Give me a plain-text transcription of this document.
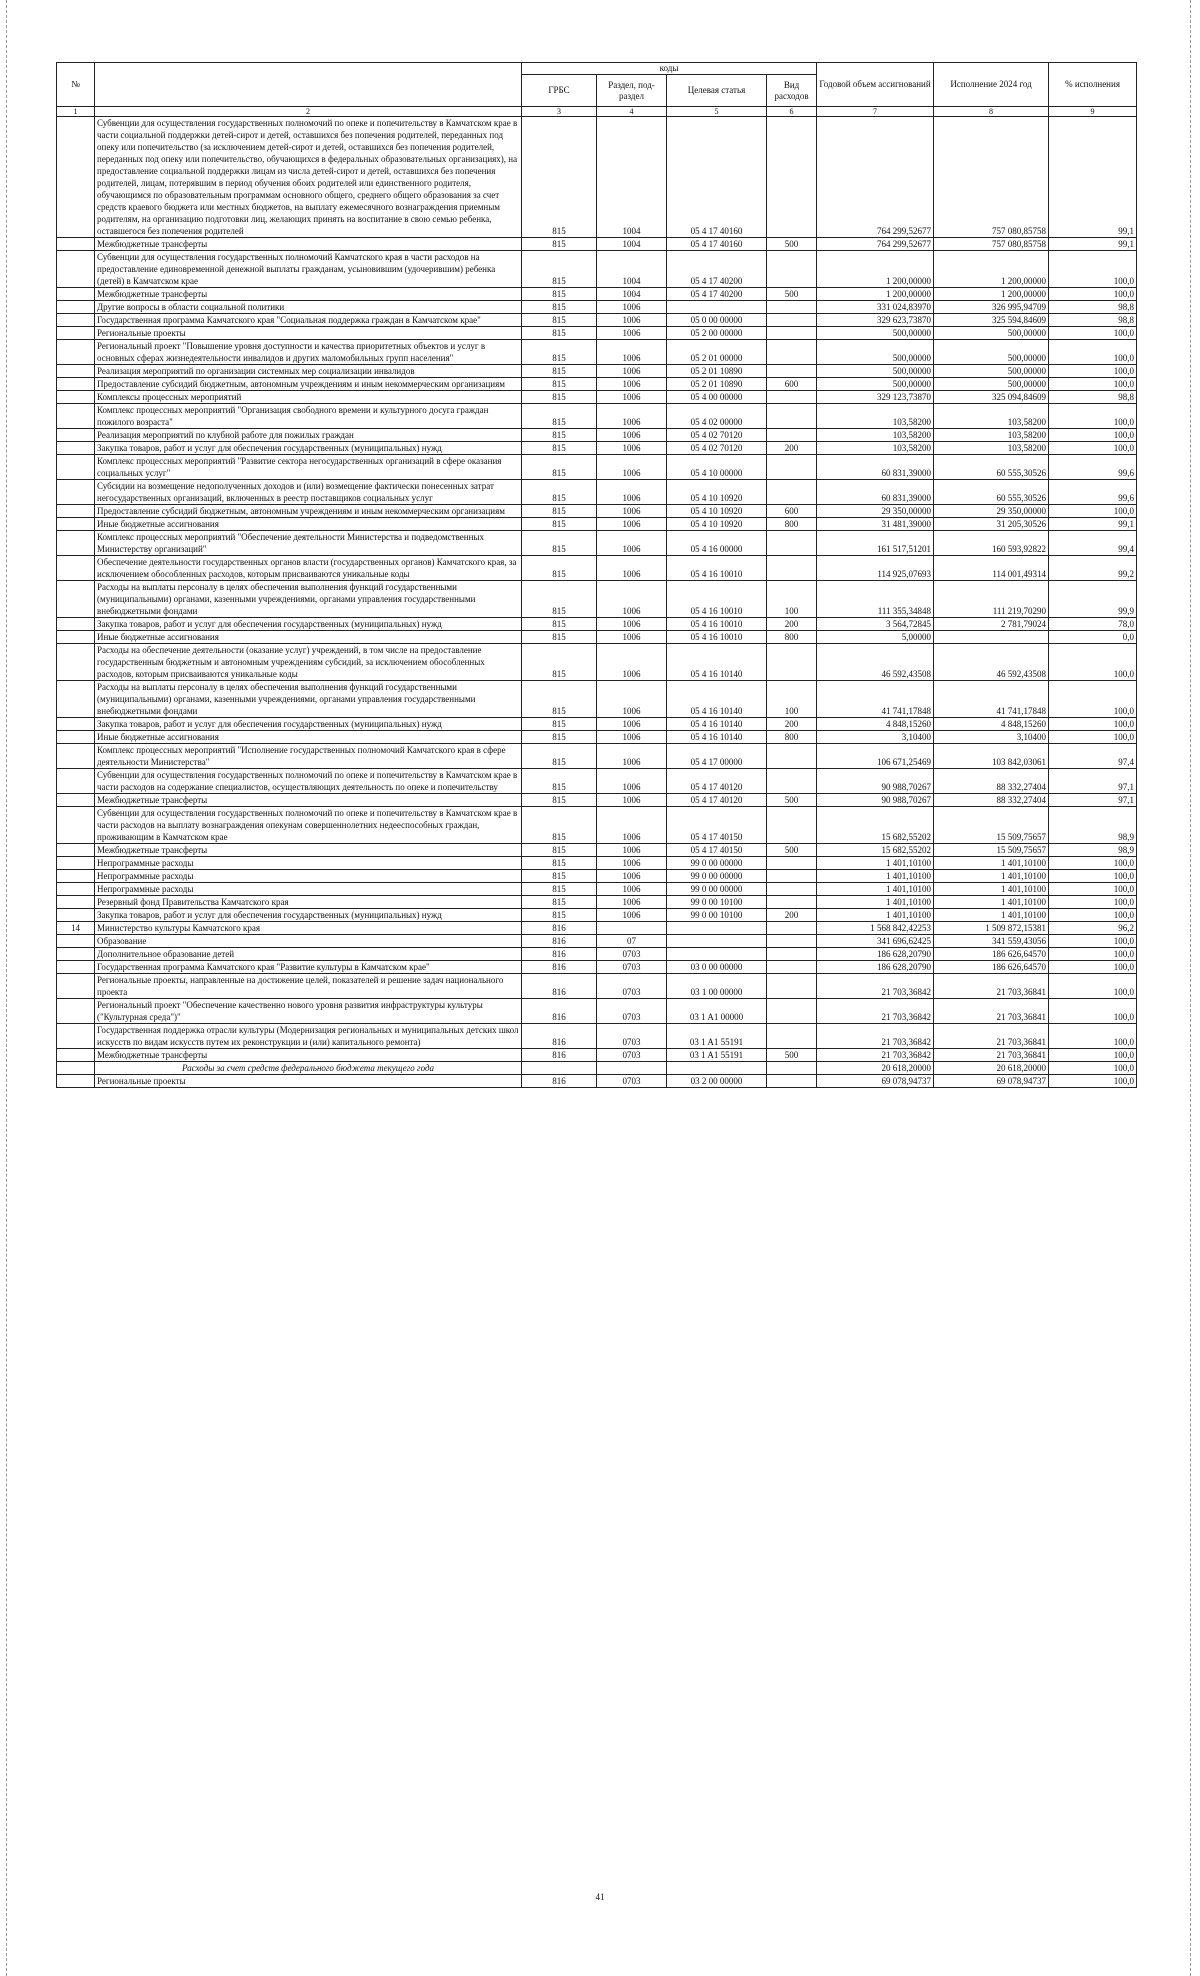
№		коды				Годовой объем ассигнований	Исполнение 2024 год	% исполнения
		ГРБС	Раздел, под-раздел	Целевая статья	Вид расходов			
1	2	3	4	5	6	7	8	9
	Субвенции для осуществления государственных полномочий по опеке и попечительству в Камчатском крае в части социальной поддержки детей-сирот и детей, оставшихся без попечения родителей, переданных под опеку или попечительство (за исключением детей-сирот и детей, оставшихся без попечения родителей, переданных под опеку или попечительство, обучающихся в федеральных образовательных организациях), на предоставление социальной поддержки лицам из числа детей-сирот и детей, оставшихся без попечения родителей, лицам, потерявшим в период обучения обоих родителей или единственного родителя, обучающимся по образовательным программам основного общего, среднего общего образования за счет средств краевого бюджета или местных бюджетов, на выплату ежемесячного вознаграждения приемным родителям, на организацию подготовки лиц, желающих принять на воспитание в свою семью ребенка, оставшегося без попечения родителей	815	1004	05 4 17 40160		764 299,52677	757 080,85758	99,1
	Межбюджетные трансферты	815	1004	05 4 17 40160	500	764 299,52677	757 080,85758	99,1
	Субвенции для осуществления государственных полномочий Камчатского края в части расходов на предоставление единовременной денежной выплаты гражданам, усыновившим (удочерившим) ребенка (детей) в Камчатском крае	815	1004	05 4 17 40200		1 200,00000	1 200,00000	100,0
	Межбюджетные трансферты	815	1004	05 4 17 40200	500	1 200,00000	1 200,00000	100,0
	Другие вопросы в области социальной политики	815	1006			331 024,83970	326 995,94709	98,8
	Государственная программа Камчатского края "Социальная поддержка граждан в Камчатском крае"	815	1006	05 0 00 00000		329 623,73870	325 594,84609	98,8
	Региональные проекты	815	1006	05 2 00 00000		500,00000	500,00000	100,0
	Региональный проект "Повышение уровня доступности и качества приоритетных объектов и услуг в основных сферах жизнедеятельности инвалидов и других маломобильных групп населения"	815	1006	05 2 01 00000		500,00000	500,00000	100,0
	Реализация мероприятий по организации системных мер социализации инвалидов	815	1006	05 2 01 10890		500,00000	500,00000	100,0
	Предоставление субсидий бюджетным, автономным учреждениям и иным некоммерческим организациям	815	1006	05 2 01 10890	600	500,00000	500,00000	100,0
	Комплексы процессных мероприятий	815	1006	05 4 00 00000		329 123,73870	325 094,84609	98,8
	Комплекс процессных мероприятий "Организация свободного времени и культурного досуга граждан пожилого возраста"	815	1006	05 4 02 00000		103,58200	103,58200	100,0
	Реализация мероприятий по клубной работе для пожилых граждан	815	1006	05 4 02 70120		103,58200	103,58200	100,0
	Закупка товаров, работ и услуг для обеспечения государственных (муниципальных) нужд	815	1006	05 4 02 70120	200	103,58200	103,58200	100,0
	Комплекс процессных мероприятий "Развитие сектора негосударственных организаций в сфере оказания социальных услуг"	815	1006	05 4 10 00000		60 831,39000	60 555,30526	99,6
	Субсидии на возмещение недополученных доходов и (или) возмещение фактически понесенных затрат негосударственных организаций, включенных в реестр поставщиков социальных услуг	815	1006	05 4 10 10920		60 831,39000	60 555,30526	99,6
	Предоставление субсидий бюджетным, автономным учреждениям и иным некоммерческим организациям	815	1006	05 4 10 10920	600	29 350,00000	29 350,00000	100,0
	Иные бюджетные ассигнования	815	1006	05 4 10 10920	800	31 481,39000	31 205,30526	99,1
	Комплекс процессных мероприятий "Обеспечение деятельности Министерства и подведомственных Министерству организаций"	815	1006	05 4 16 00000		161 517,51201	160 593,92822	99,4
	Обеспечение деятельности государственных органов власти (государственных органов) Камчатского края, за исключением обособленных расходов, которым присваиваются уникальные коды	815	1006	05 4 16 10010		114 925,07693	114 001,49314	99,2
	Расходы на выплаты персоналу в целях обеспечения выполнения функций государственными (муниципальными) органами, казенными учреждениями, органами управления государственными внебюджетными фондами	815	1006	05 4 16 10010	100	111 355,34848	111 219,70290	99,9
	Закупка товаров, работ и услуг для обеспечения государственных (муниципальных) нужд	815	1006	05 4 16 10010	200	3 564,72845	2 781,79024	78,0
	Иные бюджетные ассигнования	815	1006	05 4 16 10010	800	5,00000		0,0
	Расходы на обеспечение деятельности (оказание услуг) учреждений, в том числе на предоставление государственным бюджетным и автономным учреждениям субсидий, за исключением обособленных расходов, которым присваиваются уникальные коды	815	1006	05 4 16 10140		46 592,43508	46 592,43508	100,0
	Расходы на выплаты персоналу в целях обеспечения выполнения функций государственными (муниципальными) органами, казенными учреждениями, органами управления государственными внебюджетными фондами	815	1006	05 4 16 10140	100	41 741,17848	41 741,17848	100,0
	Закупка товаров, работ и услуг для обеспечения государственных (муниципальных) нужд	815	1006	05 4 16 10140	200	4 848,15260	4 848,15260	100,0
	Иные бюджетные ассигнования	815	1006	05 4 16 10140	800	3,10400	3,10400	100,0
	Комплекс процессных мероприятий "Исполнение государственных полномочий Камчатского края в сфере деятельности Министерства"	815	1006	05 4 17 00000		106 671,25469	103 842,03061	97,4
	Субвенции для осуществления государственных полномочий по опеке и попечительству в Камчатском крае в части расходов на содержание специалистов, осуществляющих деятельность по опеке и попечительству	815	1006	05 4 17 40120		90 988,70267	88 332,27404	97,1
	Межбюджетные трансферты	815	1006	05 4 17 40120	500	90 988,70267	88 332,27404	97,1
	Субвенции для осуществления государственных полномочий по опеке и попечительству в Камчатском крае в части расходов на выплату вознаграждения опекунам совершеннолетних недееспособных граждан, проживающим в Камчатском крае	815	1006	05 4 17 40150		15 682,55202	15 509,75657	98,9
	Межбюджетные трансферты	815	1006	05 4 17 40150	500	15 682,55202	15 509,75657	98,9
	Непрограммные расходы	815	1006	99 0 00 00000		1 401,10100	1 401,10100	100,0
	Непрограммные расходы	815	1006	99 0 00 00000		1 401,10100	1 401,10100	100,0
	Непрограммные расходы	815	1006	99 0 00 00000		1 401,10100	1 401,10100	100,0
	Резервный фонд Правительства Камчатского края	815	1006	99 0 00 10100		1 401,10100	1 401,10100	100,0
	Закупка товаров, работ и услуг для обеспечения государственных (муниципальных) нужд	815	1006	99 0 00 10100	200	1 401,10100	1 401,10100	100,0
14	Министерство культуры Камчатского края	816				1 568 842,42253	1 509 872,15381	96,2
	Образование	816	07			341 696,62425	341 559,43056	100,0
	Дополнительное образование детей	816	0703			186 628,20790	186 626,64570	100,0
	Государственная программа Камчатского края "Развитие культуры в Камчатском крае"	816	0703	03 0 00 00000		186 628,20790	186 626,64570	100,0
	Региональные проекты, направленные на достижение целей, показателей и решение задач национального проекта	816	0703	03 1 00 00000		21 703,36842	21 703,36841	100,0
	Региональный проект "Обеспечение качественно нового уровня развития инфраструктуры культуры ("Культурная среда")"	816	0703	03 1 A1 00000		21 703,36842	21 703,36841	100,0
	Государственная поддержка отрасли культуры (Модернизация региональных и муниципальных детских школ искусств по видам искусств путем их реконструкции и (или) капитального ремонта)	816	0703	03 1 A1 55191		21 703,36842	21 703,36841	100,0
	Межбюджетные трансферты	816	0703	03 1 A1 55191	500	21 703,36842	21 703,36841	100,0
	Расходы за счет средств федерального бюджета текущего года					20 618,20000	20 618,20000	100,0
	Региональные проекты	816	0703	03 2 00 00000		69 078,94737	69 078,94737	100,0
41
